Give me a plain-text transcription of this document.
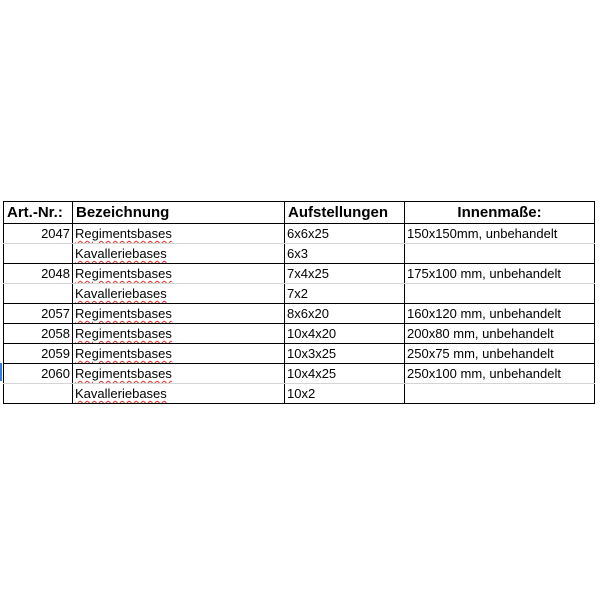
Art.-Nr.:	Bezeichnung	Aufstellungen	Innenmaße:
2047	Regimentsbases	6x6x25	150x150mm, unbehandelt
	Kavalleriebases	6x3	
2048	Regimentsbases	7x4x25	175x100 mm, unbehandelt
	Kavalleriebases	7x2	
2057	Regimentsbases	8x6x20	160x120 mm, unbehandelt
2058	Regimentsbases	10x4x20	200x80 mm, unbehandelt
2059	Regimentsbases	10x3x25	250x75 mm, unbehandelt
2060	Regimentsbases	10x4x25	250x100 mm, unbehandelt
	Kavalleriebases	10x2	
